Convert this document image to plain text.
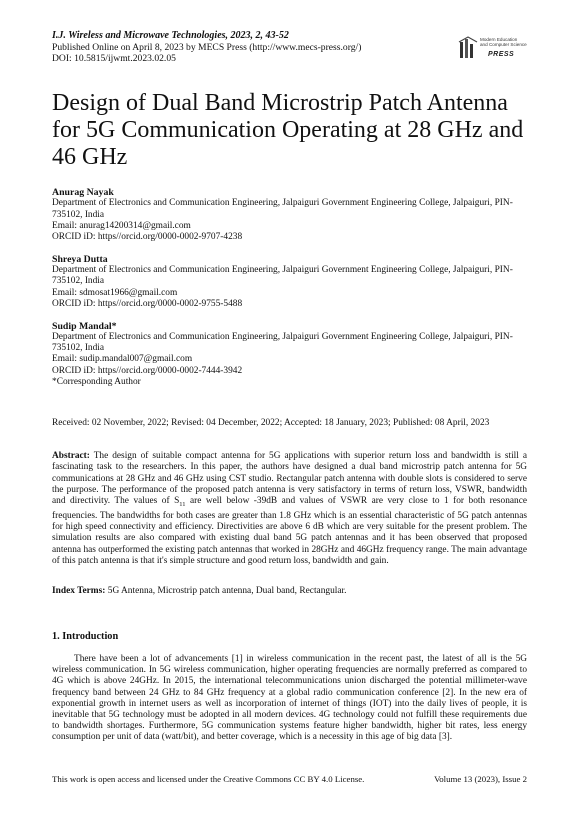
I.J. Wireless and Microwave Technologies, 2023, 2, 43-52
Published Online on April 8, 2023 by MECS Press (http://www.mecs-press.org/)
DOI: 10.5815/ijwmt.2023.02.05
Modern Education
and Computer Science
PRESS
Design of Dual Band Microstrip Patch Antenna for 5G Communication Operating at 28 GHz and 46 GHz
Anurag Nayak
Department of Electronics and Communication Engineering, Jalpaiguri Government Engineering College, Jalpaiguri, PIN-735102, India
Email: anurag14200314@gmail.com
ORCID iD: https//orcid.org/0000-0002-9707-4238
Shreya Dutta
Department of Electronics and Communication Engineering, Jalpaiguri Government Engineering College, Jalpaiguri, PIN-735102, India
Email: sdmosat1966@gmail.com
ORCID iD: https//orcid.org/0000-0002-9755-5488
Sudip Mandal*
Department of Electronics and Communication Engineering, Jalpaiguri Government Engineering College, Jalpaiguri, PIN-735102, India
Email: sudip.mandal007@gmail.com
ORCID iD: https//orcid.org/0000-0002-7444-3942
*Corresponding Author
Received: 02 November, 2022; Revised: 04 December, 2022; Accepted: 18 January, 2023; Published: 08 April, 2023
Abstract: The design of suitable compact antenna for 5G applications with superior return loss and bandwidth is still a fascinating task to the researchers. In this paper, the authors have designed a dual band microstrip patch antenna for 5G communications at 28 GHz and 46 GHz using CST studio. Rectangular patch antenna with double slots is considered to serve the purpose. The performance of the proposed patch antenna is very satisfactory in terms of return loss, VSWR, bandwidth and directivity. The values of $S_{11}$ are well below -39dB and values of VSWR are very close to 1 for both resonance frequencies. The bandwidths for both cases are greater than 1.8 GHz which is an essential characteristic of 5G patch antennas for high speed connectivity and efficiency. Directivities are above 6 dB which are very suitable for the present problem. The simulation results are also compared with existing dual band 5G patch antennas and it has been observed that proposed antenna has outperformed the existing patch antennas that worked in 28GHz and 46GHz frequency range. The main advantage of this patch antenna is that it's simple structure and good return loss, bandwidth and gain.
Index Terms: 5G Antenna, Microstrip patch antenna, Dual band, Rectangular.
1. Introduction
There have been a lot of advancements [1] in wireless communication in the recent past, the latest of all is the 5G wireless communication. In 5G wireless communication, higher operating frequencies are normally preferred as compared to 4G which is above 24GHz. In 2015, the international telecommunications union discharged the potential millimeter-wave frequency band between 24 GHz to 84 GHz frequency at a global radio communication conference [2]. In the new era of exponential growth in internet users as well as incorporation of internet of things (IOT) into the daily lives of people, it is inevitable that 5G technology must be adopted in all modern devices. 4G technology could not fulfill these requirements due to bandwidth shortages. Furthermore, 5G communication systems feature higher bandwidth, higher bit rates, less energy consumption per unit of data (watt/bit), and better coverage, which is a necessity in this age of big data [3].
This work is open access and licensed under the Creative Commons CC BY 4.0 License.	Volume 13 (2023), Issue 2
